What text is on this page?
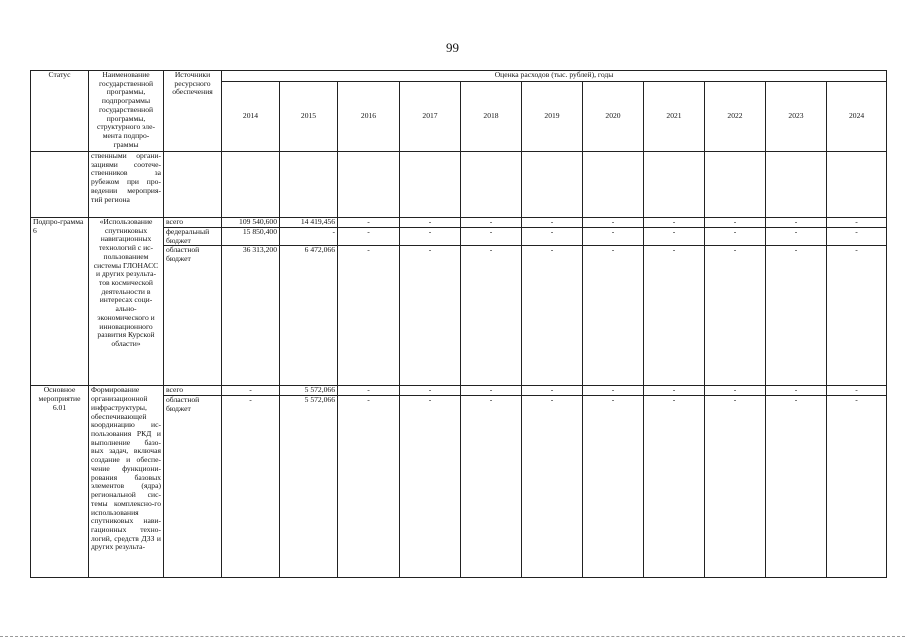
99
Статус	Наименование государственной программы, подпрограммы государственной программы, структурного эле-мента подпро-граммы	Источники ресурсного обеспечения	Оценка расходов (тыс. рублей), годы										
			2014	2015	2016	2017	2018	2019	2020	2021	2022	2023	2024
	ственными органи-зациями соотече-ственников за рубежом при про-ведении мероприя-тий региона												
Подпро-грамма 6	«Использование спутниковых навигационных технологий с ис-пользованием системы ГЛОНАСС и других результа-тов космической деятельности в интересах соци-ально-экономического и инновационного развития Курской области»	всего	109 540,600	14 419,456	-	-	-	-	-	-	-	-	-
		федеральный бюджет	15 850,400	-	-	-	-	-	-	-	-	-	-
		областной бюджет	36 313,200	6 472,066	-	-	-	-	-	-	-	-	-
Основное мероприятие 6.01	Формирование организационной инфраструктуры, обеспечивающей координацию ис-пользования РКД и выполнение базо-вых задач, включая создание и обеспе-чение функциони-рования базовых элементов (ядра) региональной сис-темы комплексно-го использования спутниковых нави-гационных техно-логий, средств ДЗЗ и других результа-	всего	-	5 572,066	-	-	-	-	-	-	-	-	-
		областной бюджет	-	5 572,066	-	-	-	-	-	-	-	-	-
